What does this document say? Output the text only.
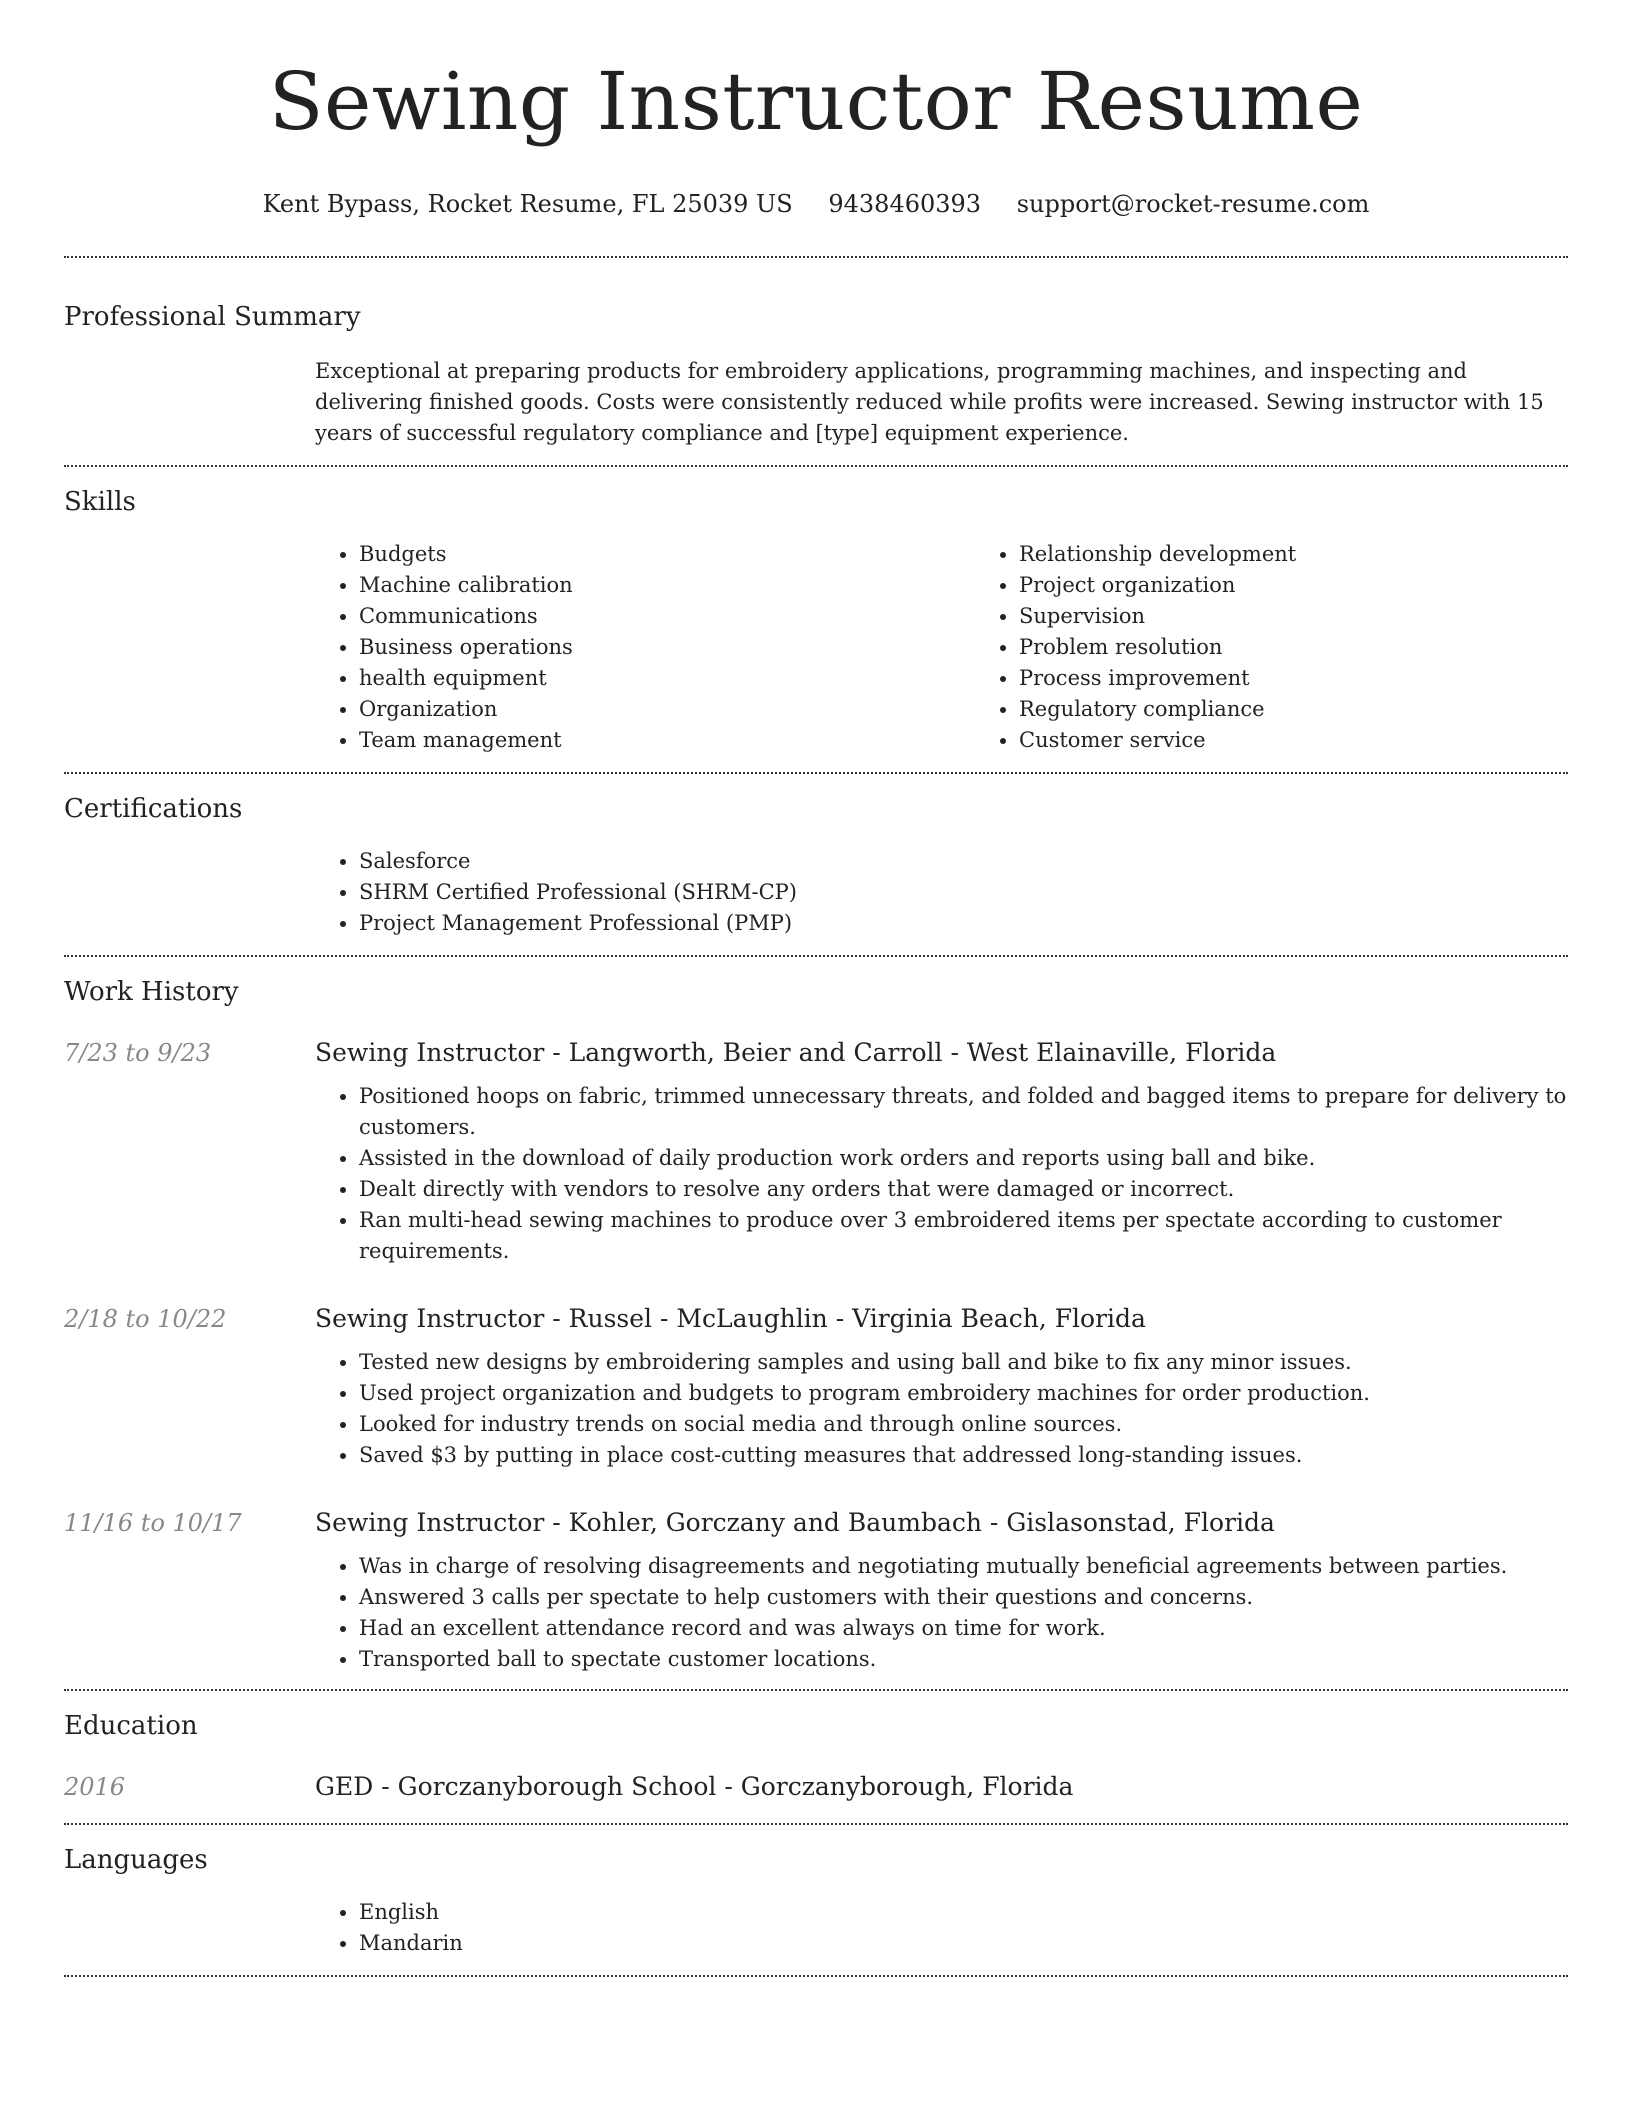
Sewing Instructor Resume
Kent Bypass, Rocket Resume, FL 25039 US 9438460393 support@rocket-resume.com
Professional Summary
Exceptional at preparing products for embroidery applications, programming machines, and inspecting and delivering finished goods. Costs were consistently reduced while profits were increased. Sewing instructor with 15 years of successful regulatory compliance and [type] equipment experience.
Skills
• Budgets
• Machine calibration
• Communications
• Business operations
• health equipment
• Organization
• Team management
• Relationship development
• Project organization
• Supervision
• Problem resolution
• Process improvement
• Regulatory compliance
• Customer service
Certifications
• Salesforce
• SHRM Certified Professional (SHRM-CP)
• Project Management Professional (PMP)
Work History
7/23 to 9/23	Sewing Instructor - Langworth, Beier and Carroll - West Elainaville, Florida
• Positioned hoops on fabric, trimmed unnecessary threats, and folded and bagged items to prepare for delivery to customers.
• Assisted in the download of daily production work orders and reports using ball and bike.
• Dealt directly with vendors to resolve any orders that were damaged or incorrect.
• Ran multi-head sewing machines to produce over 3 embroidered items per spectate according to customer requirements.
2/18 to 10/22	Sewing Instructor - Russel - McLaughlin - Virginia Beach, Florida
• Tested new designs by embroidering samples and using ball and bike to fix any minor issues.
• Used project organization and budgets to program embroidery machines for order production.
• Looked for industry trends on social media and through online sources.
• Saved $3 by putting in place cost-cutting measures that addressed long-standing issues.
11/16 to 10/17	Sewing Instructor - Kohler, Gorczany and Baumbach - Gislasonstad, Florida
• Was in charge of resolving disagreements and negotiating mutually beneficial agreements between parties.
• Answered 3 calls per spectate to help customers with their questions and concerns.
• Had an excellent attendance record and was always on time for work.
• Transported ball to spectate customer locations.
Education
2016	GED - Gorczanyborough School - Gorczanyborough, Florida
Languages
• English
• Mandarin
